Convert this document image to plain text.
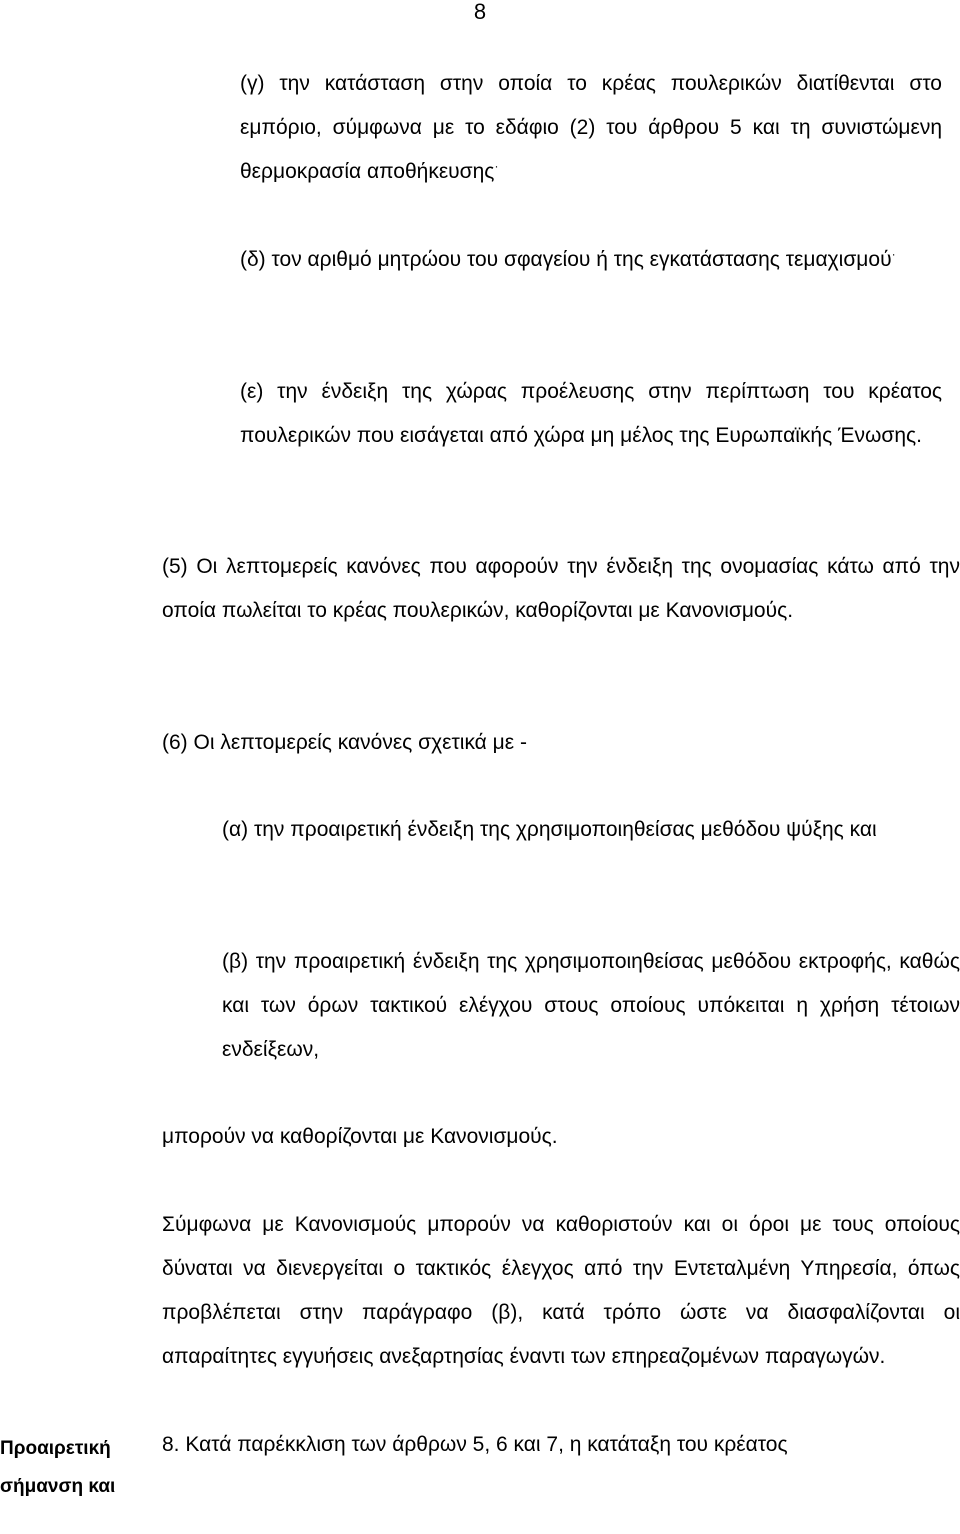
8

(γ) την κατάσταση στην οποία το κρέας πουλερικών διατίθενται στο εμπόριο, σύμφωνα με το εδάφιο (2) του άρθρου 5 και τη συνιστώμενη θερμοκρασία αποθήκευσης·

(δ) τον αριθμό μητρώου του σφαγείου ή της εγκατάστασης τεμαχισμού·

(ε) την ένδειξη της χώρας προέλευσης στην περίπτωση του κρέατος πουλερικών που εισάγεται από χώρα μη μέλος της Ευρωπαϊκής Ένωσης.

(5) Οι λεπτομερείς κανόνες που αφορούν την ένδειξη της ονομασίας κάτω από την οποία πωλείται το κρέας πουλερικών, καθορίζονται με Κανονισμούς.

(6) Οι λεπτομερείς κανόνες σχετικά με -

(α) την προαιρετική ένδειξη της χρησιμοποιηθείσας μεθόδου ψύξης και

(β) την προαιρετική ένδειξη της χρησιμοποιηθείσας μεθόδου εκτροφής, καθώς και των όρων τακτικού ελέγχου στους οποίους υπόκειται η χρήση τέτοιων ενδείξεων,

μπορούν να καθορίζονται με Κανονισμούς.

Σύμφωνα με Κανονισμούς μπορούν να καθοριστούν και οι όροι με τους οποίους δύναται να διενεργείται ο τακτικός έλεγχος από την Εντεταλμένη Υπηρεσία, όπως προβλέπεται στην παράγραφο (β), κατά τρόπο ώστε να διασφαλίζονται οι απαραίτητες εγγυήσεις ανεξαρτησίας έναντι των επηρεαζομένων παραγωγών.

8. Κατά παρέκκλιση των άρθρων 5, 6 και 7, η κατάταξη του κρέατος

Προαιρετική σήμανση και
